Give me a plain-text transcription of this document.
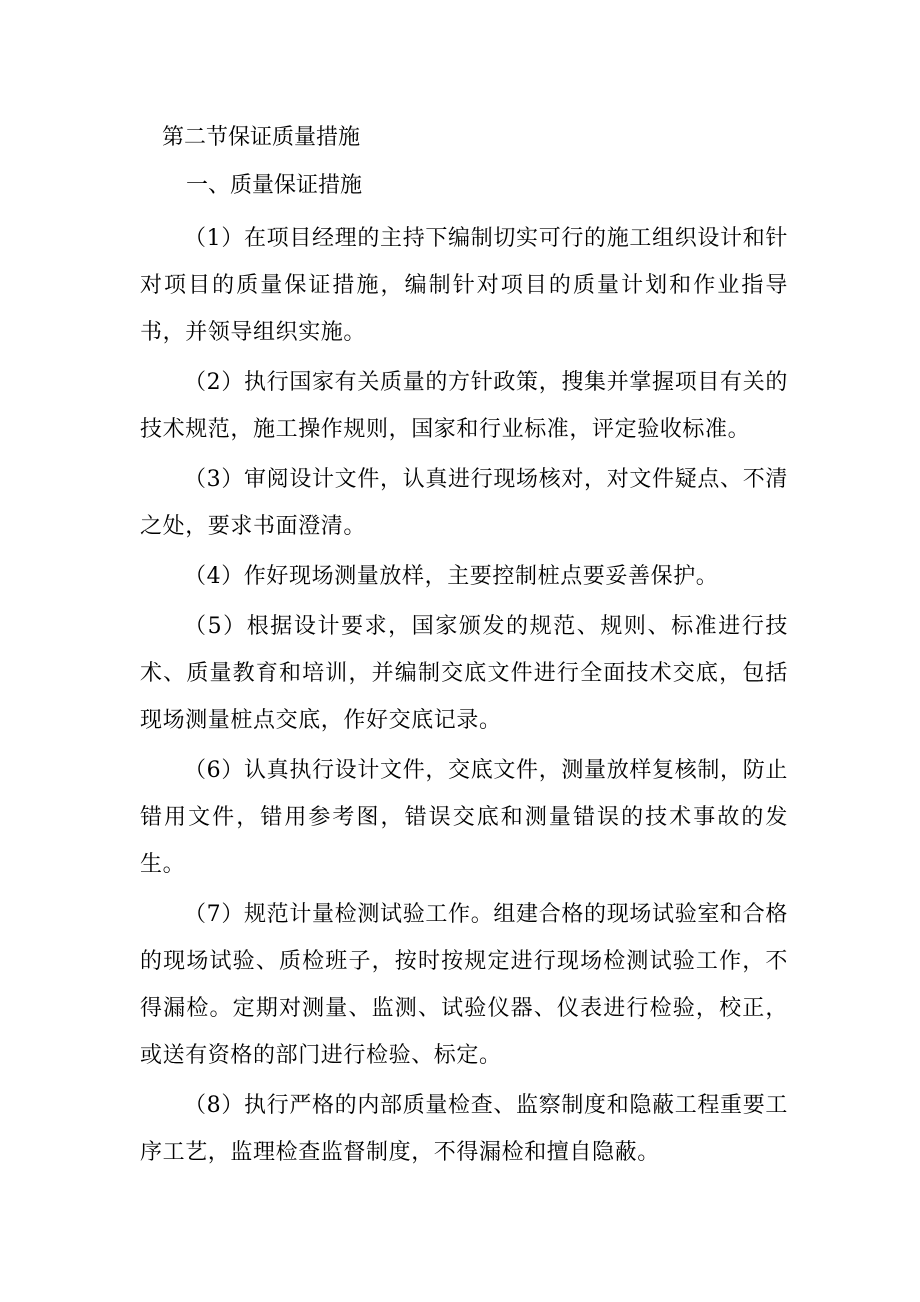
第二节保证质量措施
一、质量保证措施

（1）在项目经理的主持下编制切实可行的施工组织设计和针对项目的质量保证措施，编制针对项目的质量计划和作业指导书，并领导组织实施。

（2）执行国家有关质量的方针政策，搜集并掌握项目有关的技术规范，施工操作规则，国家和行业标准，评定验收标准。

（3）审阅设计文件，认真进行现场核对，对文件疑点、不清之处，要求书面澄清。

（4）作好现场测量放样，主要控制桩点要妥善保护。

（5）根据设计要求，国家颁发的规范、规则、标准进行技术、质量教育和培训，并编制交底文件进行全面技术交底，包括现场测量桩点交底，作好交底记录。

（6）认真执行设计文件，交底文件，测量放样复核制，防止错用文件，错用参考图，错误交底和测量错误的技术事故的发生。

（7）规范计量检测试验工作。组建合格的现场试验室和合格的现场试验、质检班子，按时按规定进行现场检测试验工作，不得漏检。定期对测量、监测、试验仪器、仪表进行检验，校正，或送有资格的部门进行检验、标定。

（8）执行严格的内部质量检查、监察制度和隐蔽工程重要工序工艺，监理检查监督制度，不得漏检和擅自隐蔽。
